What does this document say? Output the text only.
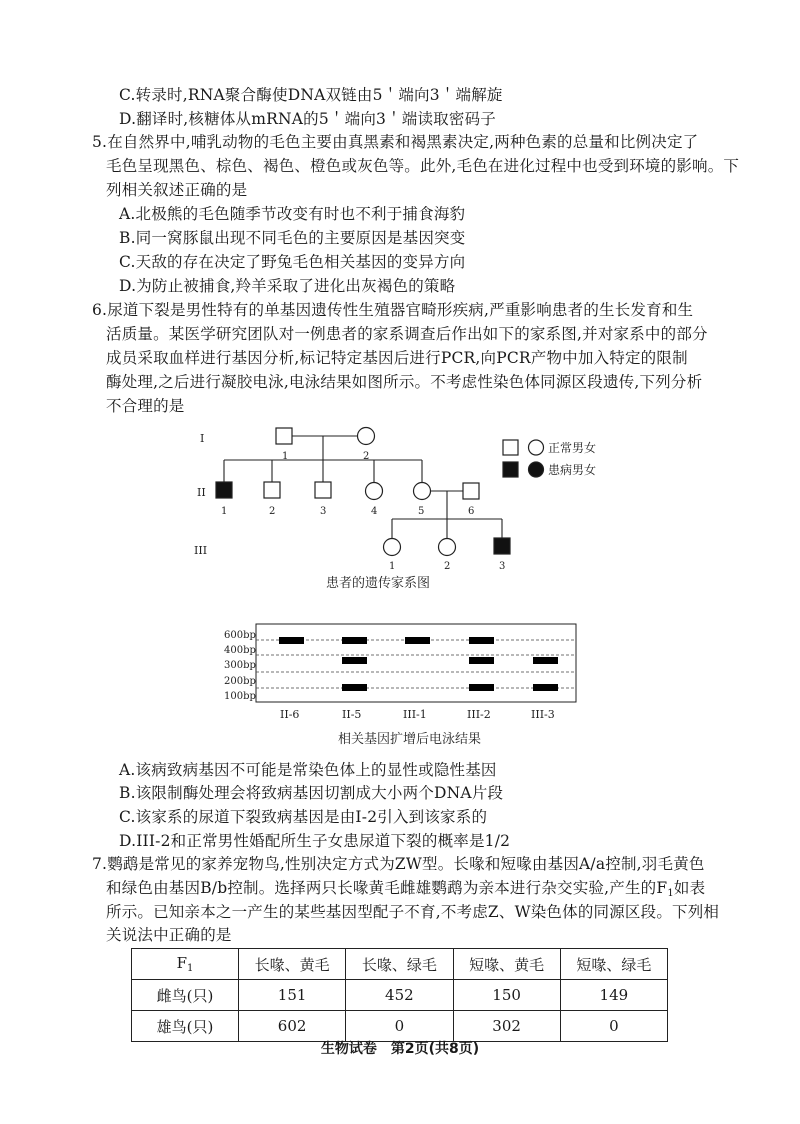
C.转录时,RNA聚合酶使DNA双链由5＇端向3＇端解旋
D.翻译时,核糖体从mRNA的5＇端向3＇端读取密码子
5.在自然界中,哺乳动物的毛色主要由真黑素和褐黑素决定,两种色素的总量和比例决定了
毛色呈现黑色、棕色、褐色、橙色或灰色等。此外,毛色在进化过程中也受到环境的影响。下
列相关叙述正确的是
A.北极熊的毛色随季节改变有时也不利于捕食海豹
B.同一窝豚鼠出现不同毛色的主要原因是基因突变
C.天敌的存在决定了野兔毛色相关基因的变异方向
D.为防止被捕食,羚羊采取了进化出灰褐色的策略
6.尿道下裂是男性特有的单基因遗传性生殖器官畸形疾病,严重影响患者的生长发育和生
活质量。某医学研究团队对一例患者的家系调查后作出如下的家系图,并对家系中的部分
成员采取血样进行基因分析,标记特定基因后进行PCR,向PCR产物中加入特定的限制
酶处理,之后进行凝胶电泳,电泳结果如图所示。不考虑性染色体同源区段遗传,下列分析
不合理的是
I
II
III
1	2
1	2	3	4	5	6
1	2	3
正常男女
患病男女
患者的遗传家系图
600bp
400bp
300bp
200bp
100bp
II-6	II-5	III-1	III-2	III-3
相关基因扩增后电泳结果
A.该病致病基因不可能是常染色体上的显性或隐性基因
B.该限制酶处理会将致病基因切割成大小两个DNA片段
C.该家系的尿道下裂致病基因是由I-2引入到该家系的
D.III-2和正常男性婚配所生子女患尿道下裂的概率是1/2
7.鹦鹉是常见的家养宠物鸟,性别决定方式为ZW型。长喙和短喙由基因A/a控制,羽毛黄色
和绿色由基因B/b控制。选择两只长喙黄毛雌雄鹦鹉为亲本进行杂交实验,产生的$F_1$如表
所示。已知亲本之一产生的某些基因型配子不育,不考虑Z、W染色体的同源区段。下列相
关说法中正确的是
$F_1$	长喙、黄毛	长喙、绿毛	短喙、黄毛	短喙、绿毛
雌鸟(只)	151	452	150	149
雄鸟(只)	602	0	302	0
生物试卷　第2页(共8页)
